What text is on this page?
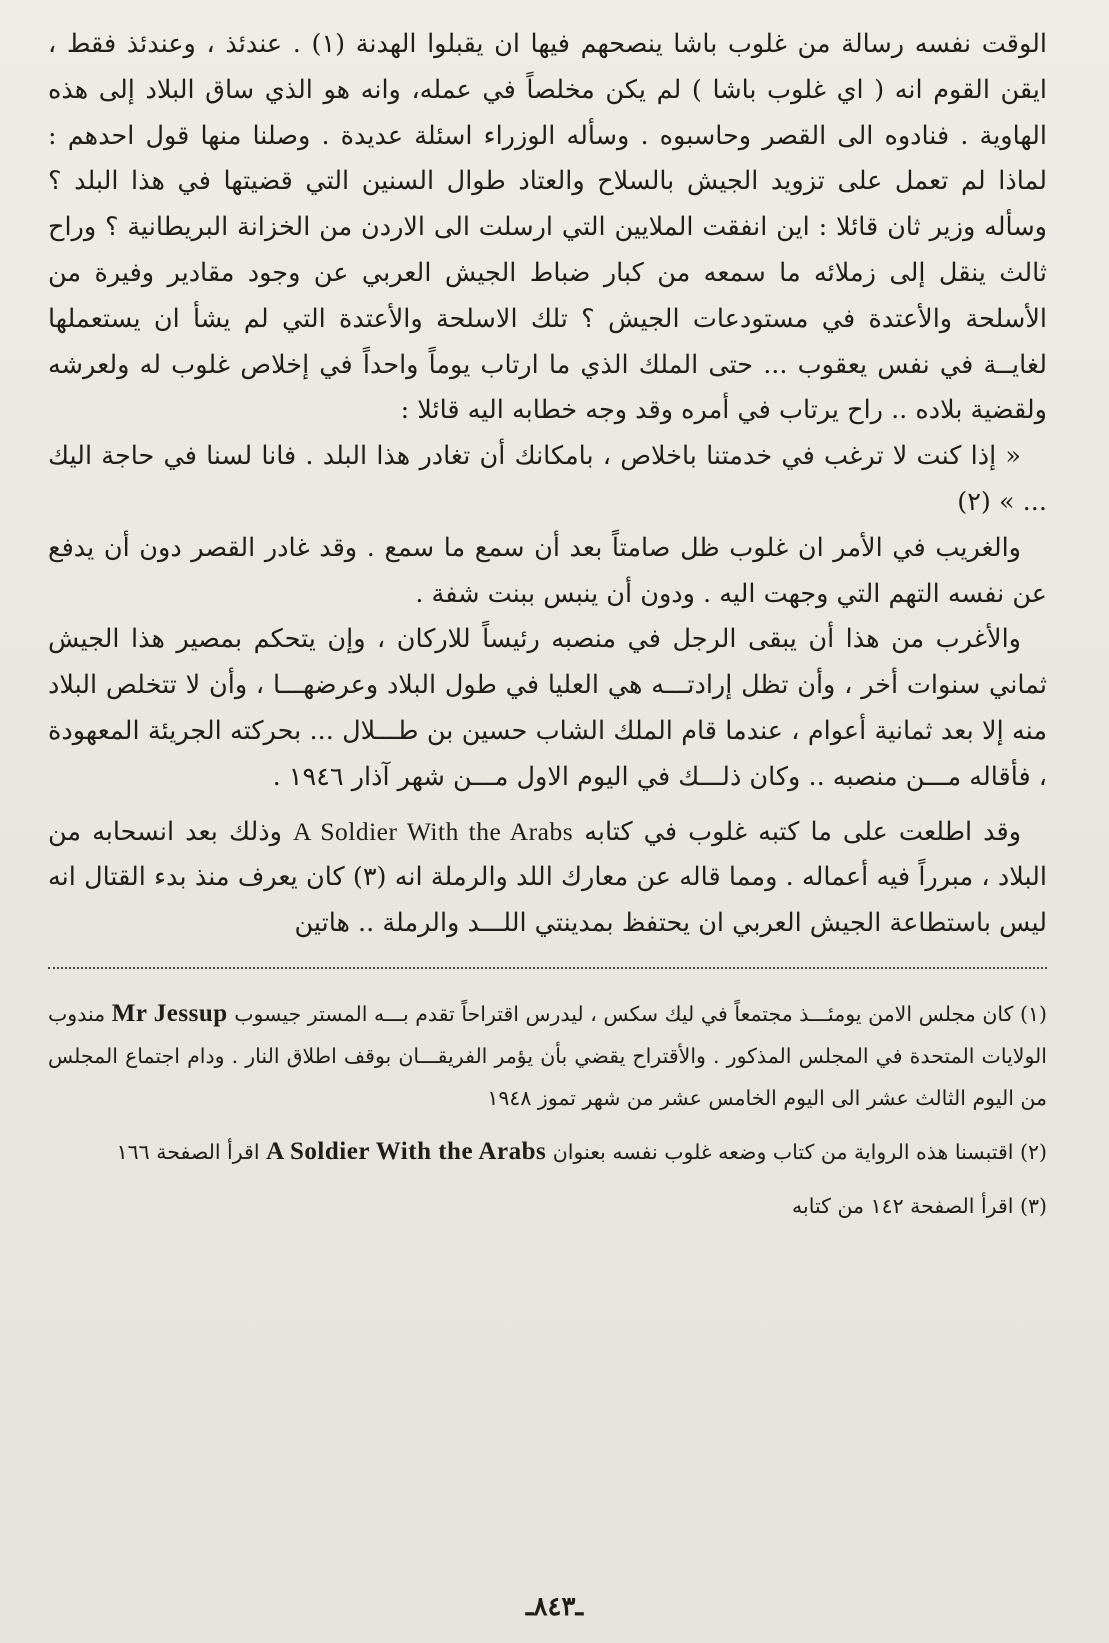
الوقت نفسه رسالة من غلوب باشا ينصحهم فيها ان يقبلوا الهدنة (١) . عندئذ ، وعندئذ فقط ، ايقن القوم انه ( اي غلوب باشا ) لم يكن مخلصاً في عمله، وانه هو الذي ساق البلاد إلى هذه الهاوية . فنادوه الى القصر وحاسبوه . وسأله الوزراء اسئلة عديدة . وصلنا منها قول احدهم : لماذا لم تعمل على تزويد الجيش بالسلاح والعتاد طوال السنين التي قضيتها في هذا البلد ؟ وسأله وزير ثان قائلا : اين انفقت الملايين التي ارسلت الى الاردن من الخزانة البريطانية ؟ وراح ثالث ينقل إلى زملائه ما سمعه من كبار ضباط الجيش العربي عن وجود مقادير وفيرة من الأسلحة والأعتدة في مستودعات الجيش ؟ تلك الاسلحة والأعتدة التي لم يشأ ان يستعملها لغايــة في نفس يعقوب ... حتى الملك الذي ما ارتاب يوماً واحداً في إخلاص غلوب له ولعرشه ولقضية بلاده .. راح يرتاب في أمره وقد وجه خطابه اليه قائلا :

« إذا كنت لا ترغب في خدمتنا باخلاص ، بامكانك أن تغادر هذا البلد . فانا لسنا في حاجة اليك ... » (٢)

والغريب في الأمر ان غلوب ظل صامتاً بعد أن سمع ما سمع . وقد غادر القصر دون أن يدفع عن نفسه التهم التي وجهت اليه . ودون أن ينبس ببنت شفة .

والأغرب من هذا أن يبقى الرجل في منصبه رئيساً للاركان ، وإن يتحكم بمصير هذا الجيش ثماني سنوات أخر ، وأن تظل إرادتـــه هي العليا في طول البلاد وعرضهـــا ، وأن لا تتخلص البلاد منه إلا بعد ثمانية أعوام ، عندما قام الملك الشاب حسين بن طـــلال ... بحركته الجريئة المعهودة ، فأقاله مـــن منصبه .. وكان ذلـــك في اليوم الاول مـــن شهر آذار ١٩٤٦ .

وقد اطلعت على ما كتبه غلوب في كتابه A Soldier With the Arabs وذلك بعد انسحابه من البلاد ، مبرراً فيه أعماله . ومما قاله عن معارك اللد والرملة انه (٣) كان يعرف منذ بدء القتال انه ليس باستطاعة الجيش العربي ان يحتفظ بمدينتي اللـــد والرملة .. هاتين

(١) كان مجلس الامن يومئـــذ مجتمعاً في ليك سكس ، ليدرس اقتراحاً تقدم بـــه المستر جيسوب Mr Jessup مندوب الولايات المتحدة في المجلس المذكور . والأقتراح يقضي بأن يؤمر الفريقـــان بوقف اطلاق النار . ودام اجتماع المجلس من اليوم الثالث عشر الى اليوم الخامس عشر من شهر تموز ١٩٤٨

(٢) اقتبسنا هذه الرواية من كتاب وضعه غلوب نفسه بعنوان A Soldier With the Arabs اقرأ الصفحة ١٦٦

(٣) اقرأ الصفحة ١٤٢ من كتابه

ـ٨٤٣ـ
